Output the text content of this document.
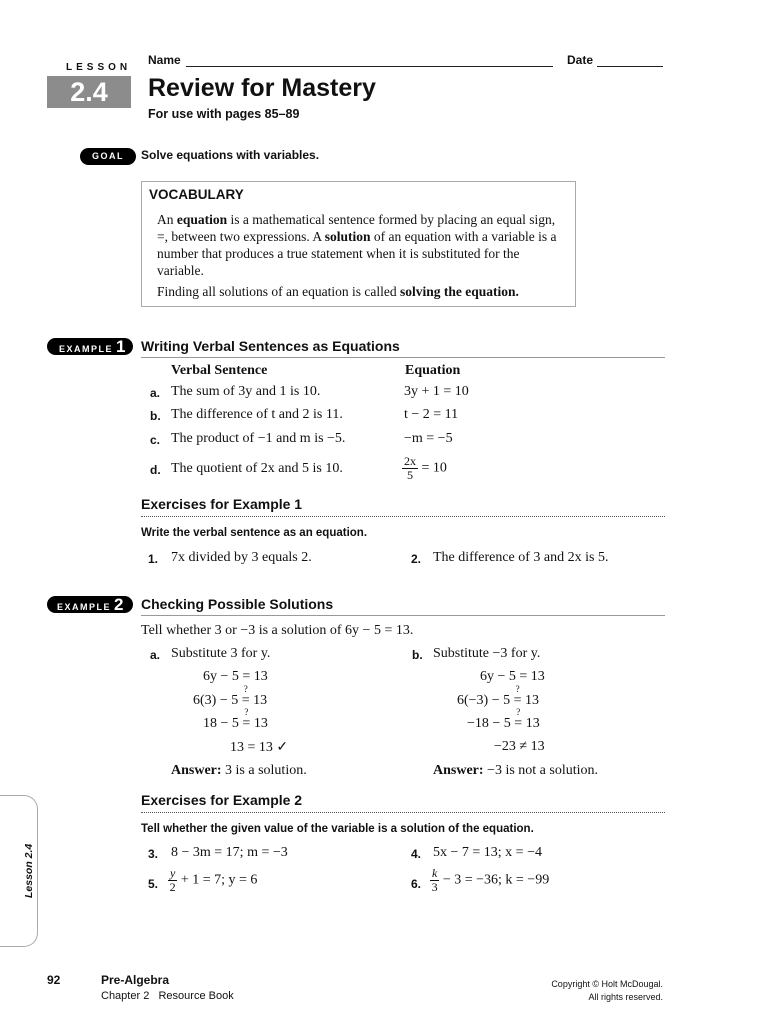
LESSON
2.4
Name	Date
Review for Mastery
For use with pages 85–89
GOAL	Solve equations with variables.
VOCABULARY
An equation is a mathematical sentence formed by placing an equal sign, =, between two expressions. A solution of an equation with a variable is a number that produces a true statement when it is substituted for the variable.
Finding all solutions of an equation is called solving the equation.
EXAMPLE 1	Writing Verbal Sentences as Equations
Verbal Sentence	Equation
a. The sum of 3y and 1 is 10.	3y + 1 = 10
b. The difference of t and 2 is 11.	t − 2 = 11
c. The product of −1 and m is −5.	−m = −5
d. The quotient of 2x and 5 is 10.	$\frac{2x}{5} = 10$
Exercises for Example 1
Write the verbal sentence as an equation.
1. 7x divided by 3 equals 2.	2. The difference of 3 and 2x is 5.
EXAMPLE 2	Checking Possible Solutions
Tell whether 3 or −3 is a solution of 6y − 5 = 13.
a. Substitute 3 for y.
6y − 5 = 13
6(3) − 5 =
?
13
18 − 5 =
?
13
13 = 13 ✓
Answer: 3 is a solution.
b. Substitute −3 for y.
6y − 5 = 13
6(−3) − 5 =
?
13
−18 − 5 =
?
13
−23 ≠ 13
Answer: −3 is not a solution.
Exercises for Example 2
Tell whether the given value of the variable is a solution of the equation.
3. 8 − 3m = 17; m = −3	4. 5x − 7 = 13; x = −4
5. $\frac{y}{2} + 1 = 7$; y = 6	6. $\frac{k}{3} - 3 = -36$; k = −99
Lesson 2.4
92	Pre-Algebra
Chapter 2 Resource Book
Copyright © Holt McDougal.
All rights reserved.
